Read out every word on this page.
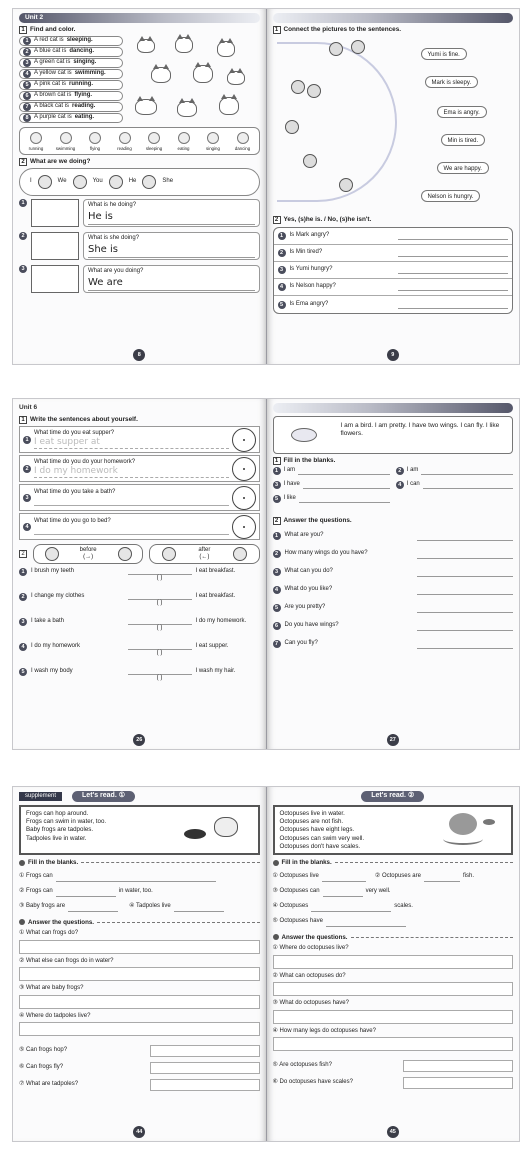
Unit 2
1 Find and color.
1 A red cat is sleeping.
2 A blue cat is dancing.
3 A green cat is singing.
4 A yellow cat is swimming.
5 A pink cat is running.
6 A brown cat is flying.
7 A black cat is reading.
8 A purple cat is eating.
running	swimming	flying	reading	sleeping	eating	singing	dancing
2 What are we doing?
I	We	You	He	She
1	What is he doing?
He is
2	What is she doing?
She is
3	What are you doing?
We are
8

1 Connect the pictures to the sentences.
Yumi is fine.
Mark is sleepy.
Ema is angry.
Min is tired.
We are happy.
Nelson is hungry.
2 Yes, (s)he is. / No, (s)he isn't.
1	Is Mark angry?
2	Is Min tired?
3	Is Yumi hungry?
4	Is Nelson happy?
5	Is Ema angry?
9
Unit 6
1 Write the sentences about yourself.
1
What time do you eat supper?
I eat supper at
2
What time do you do your homework?
I do my homework
3
What time do you take a bath?
4
What time do you go to bed?
2
before
(→)
after
(←)
1	I brush my teeth
( )
I eat breakfast.
2	I change my clothes
( )
I eat breakfast.
3	I take a bath
( )
I do my homework.
4	I do my homework
( )
I eat supper.
5	I wash my body
( )
I wash my hair.
26

I am a bird. I am pretty. I have two wings. I can fly. I like flowers.
1 Fill in the blanks.
1 I am	2 I am
3 I have	4 I can
5 I like
2 Answer the questions.
1	What are you?
2	How many wings do you have?
3	What can you do?
4	What do you like?
5	Are you pretty?
6	Do you have wings?
7	Can you fly?
27
supplement	Let's read. ①
Frogs can hop around.
Frogs can swim in water, too.
Baby frogs are tadpoles.
Tadpoles live in water.
Fill in the blanks.
① Frogs can
② Frogs can	in water, too.
③ Baby frogs are	④ Tadpoles live
Answer the questions.
① What can frogs do?
② What else can frogs do in water?
③ What are baby frogs?
④ Where do tadpoles live?
⑤ Can frogs hop?
⑥ Can frogs fly?
⑦ What are tadpoles?
44
Let's read. ②
Octopuses live in water.
Octopuses are not fish.
Octopuses have eight legs.
Octopuses can swim very well.
Octopuses don't have scales.
Fill in the blanks.
① Octopuses live	② Octopuses are	fish.
③ Octopuses can	very well.
④ Octopuses	scales.
⑤ Octopuses have
Answer the questions.
① Where do octopuses live?
② What can octopuses do?
③ What do octopuses have?
④ How many legs do octopuses have?
⑤ Are octopuses fish?
⑥ Do octopuses have scales?
45
